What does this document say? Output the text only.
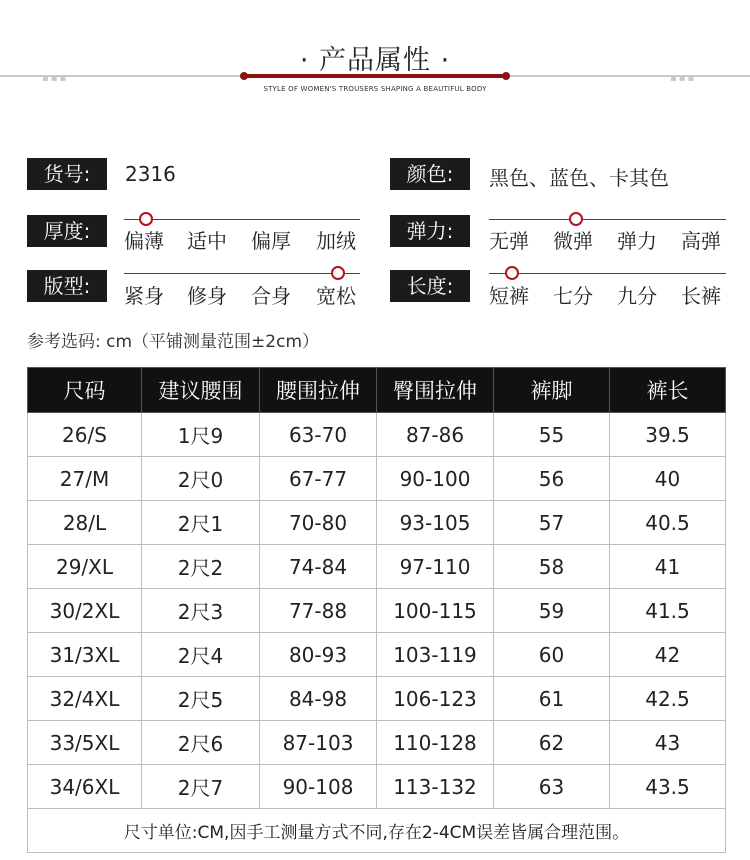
▪▪▪	▪▪▪
· 产品属性 ·
STYLE OF WOMEN'S TROUSERS SHAPING A BEAUTIFUL BODY
货号:	2316	颜色:	黑色、蓝色、卡其色
厚度:	偏薄 适中 偏厚 加绒	弹力:	无弹 微弹 弹力 高弹
版型:	紧身 修身 合身 宽松	长度:	短裤 七分 九分 长裤
参考选码: cm（平铺测量范围±2cm）
尺码	建议腰围	腰围拉伸	臀围拉伸	裤脚	裤长
26/S	1尺9	63-70	87-86	55	39.5
27/M	2尺0	67-77	90-100	56	40
28/L	2尺1	70-80	93-105	57	40.5
29/XL	2尺2	74-84	97-110	58	41
30/2XL	2尺3	77-88	100-115	59	41.5
31/3XL	2尺4	80-93	103-119	60	42
32/4XL	2尺5	84-98	106-123	61	42.5
33/5XL	2尺6	87-103	110-128	62	43
34/6XL	2尺7	90-108	113-132	63	43.5
尺寸单位:CM,因手工测量方式不同,存在2-4CM误差皆属合理范围。					
